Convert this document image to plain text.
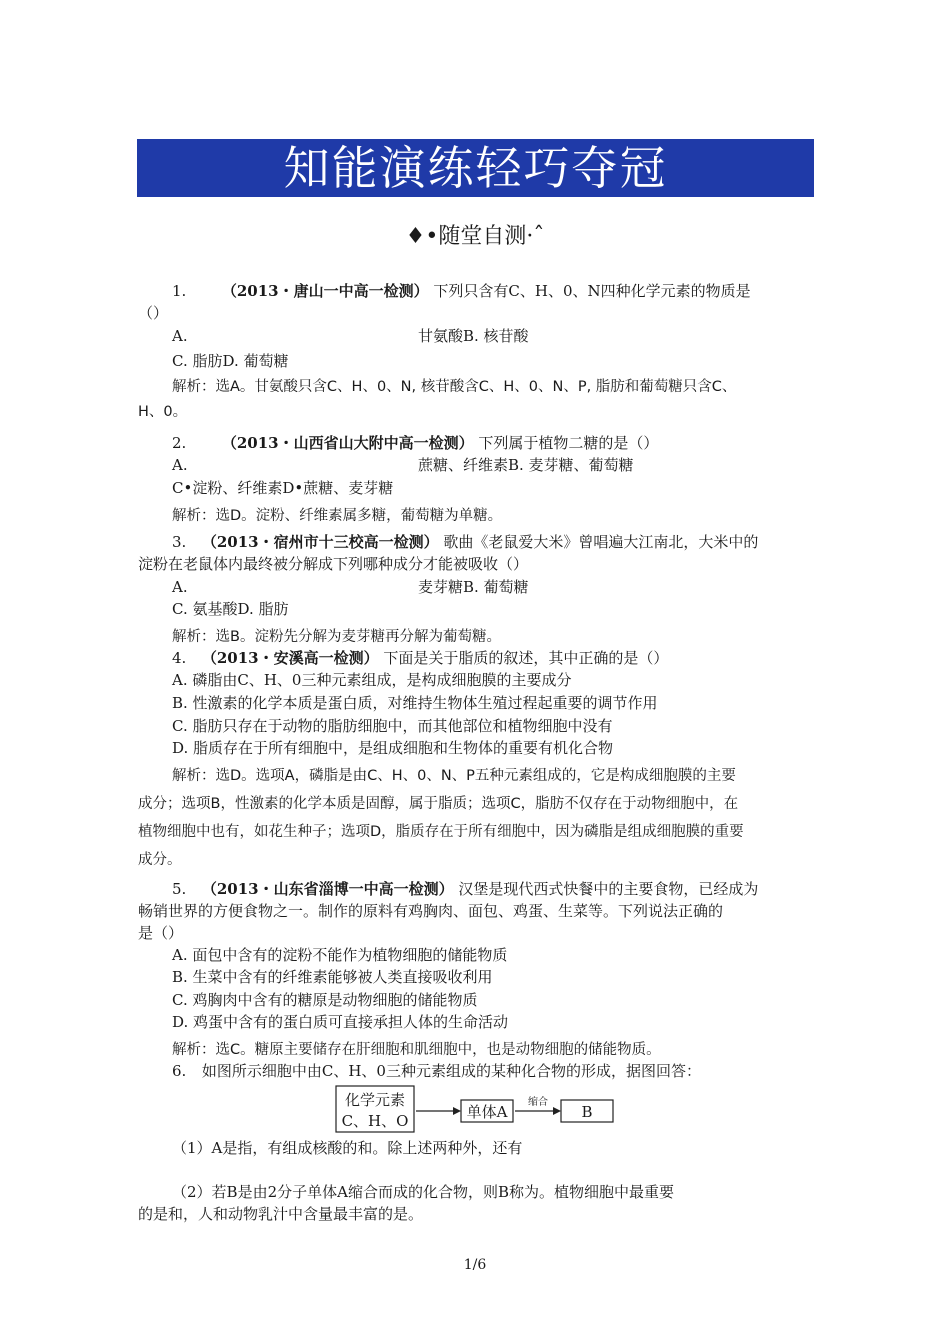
知能演练轻巧夺冠
♦•随堂自测·ˆ
1. （2013・唐山一中高一检测） 下列只含有C、H、0、N四种化学元素的物质是
（）
A.	甘氨酸B. 核苷酸
C. 脂肪D. 葡萄糖
解析：选A。甘氨酸只含C、H、0、N, 核苷酸含C、H、0、N、P, 脂肪和葡萄糖只含C、
H、0。
2. （2013・山西省山大附中高一检测） 下列属于植物二糖的是（）
A.	蔗糖、纤维素B. 麦芽糖、葡萄糖
C•淀粉、纤维素D•蔗糖、麦芽糖
解析：选D。淀粉、纤维素属多糖，葡萄糖为单糖。
3. （2013・宿州市十三校高一检测） 歌曲《老鼠爱大米》曾唱遍大江南北，大米中的
淀粉在老鼠体内最终被分解成下列哪种成分才能被吸收（）
A.	麦芽糖B. 葡萄糖
C. 氨基酸D. 脂肪
解析：选B。淀粉先分解为麦芽糖再分解为葡萄糖。
4. （2013・安溪高一检测） 下面是关于脂质的叙述，其中正确的是（）
A. 磷脂由C、H、0三种元素组成，是构成细胞膜的主要成分
B. 性激素的化学本质是蛋白质，对维持生物体生殖过程起重要的调节作用
C. 脂肪只存在于动物的脂肪细胞中，而其他部位和植物细胞中没有
D. 脂质存在于所有细胞中，是组成细胞和生物体的重要有机化合物
解析：选D。选项A，磷脂是由C、H、0、N、P五种元素组成的，它是构成细胞膜的主要
成分；选项B，性激素的化学本质是固醇，属于脂质；选项C，脂肪不仅存在于动物细胞中，在
植物细胞中也有，如花生种子；选项D，脂质存在于所有细胞中，因为磷脂是组成细胞膜的重要
成分。
5. （2013・山东省淄博一中高一检测） 汉堡是现代西式快餐中的主要食物，已经成为
畅销世界的方便食物之一。制作的原料有鸡胸肉、面包、鸡蛋、生菜等。下列说法正确的
是（）
A. 面包中含有的淀粉不能作为植物细胞的储能物质
B. 生菜中含有的纤维素能够被人类直接吸收利用
C. 鸡胸肉中含有的糖原是动物细胞的储能物质
D. 鸡蛋中含有的蛋白质可直接承担人体的生命活动
解析：选C。糖原主要储存在肝细胞和肌细胞中，也是动物细胞的储能物质。
6. 如图所示细胞中由C、H、0三种元素组成的某种化合物的形成，据图回答：
化学元素
C、H、O	单体A
缩合
B
（1）A是指，有组成核酸的和。除上述两种外，还有
（2）若B是由2分子单体A缩合而成的化合物，则B称为。植物细胞中最重要
的是和，人和动物乳汁中含量最丰富的是。
1/6
